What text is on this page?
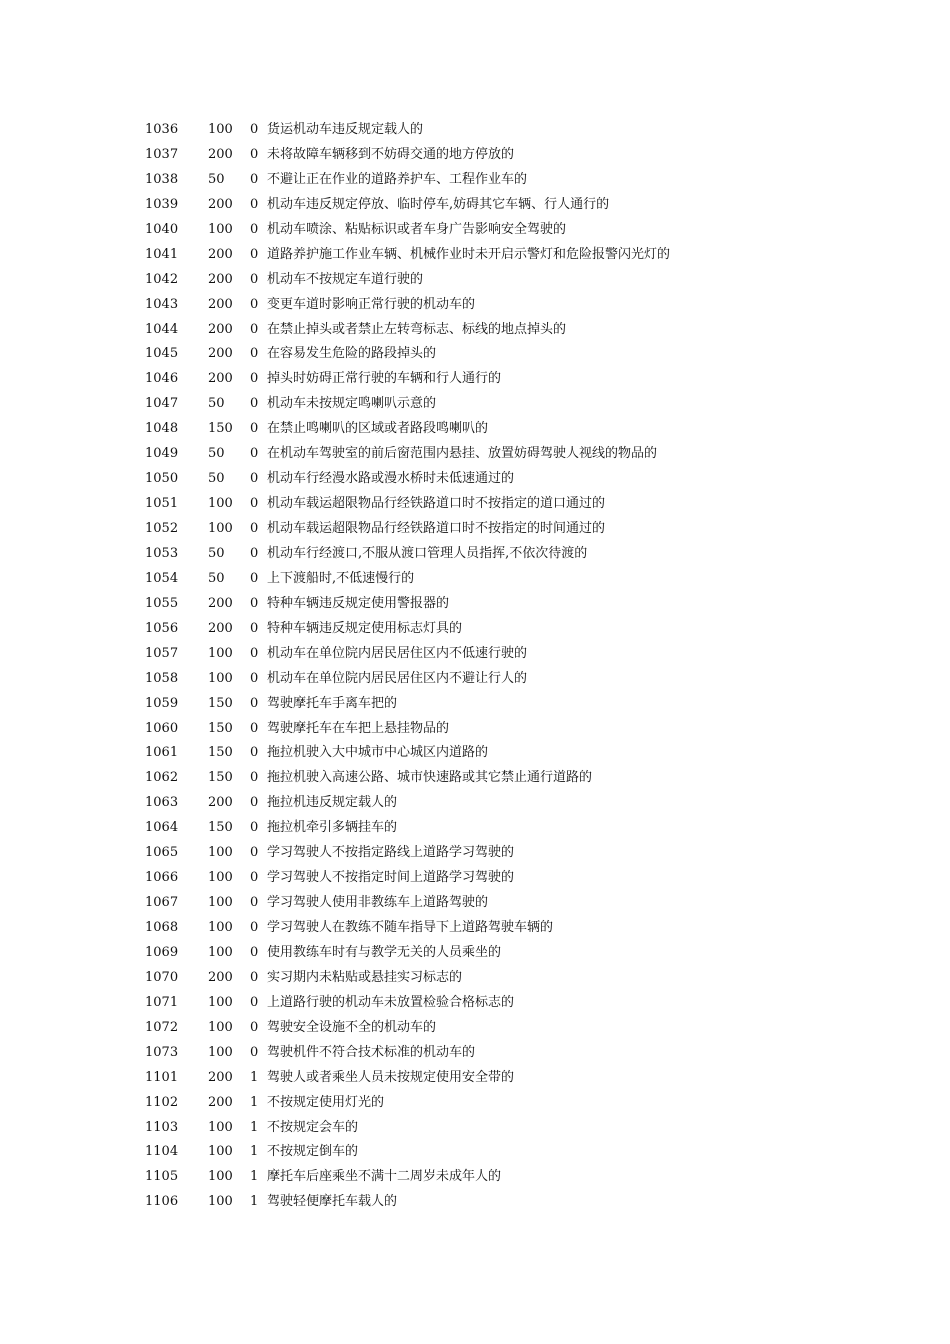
1036	100	0 货运机动车违反规定载人的
1037	200	0 未将故障车辆移到不妨碍交通的地方停放的
1038	50	0 不避让正在作业的道路养护车、工程作业车的
1039	200	0 机动车违反规定停放、临时停车,妨碍其它车辆、行人通行的
1040	100	0 机动车喷涂、粘贴标识或者车身广告影响安全驾驶的
1041	200	0 道路养护施工作业车辆、机械作业时未开启示警灯和危险报警闪光灯的
1042	200	0 机动车不按规定车道行驶的
1043	200	0 变更车道时影响正常行驶的机动车的
1044	200	0 在禁止掉头或者禁止左转弯标志、标线的地点掉头的
1045	200	0 在容易发生危险的路段掉头的
1046	200	0 掉头时妨碍正常行驶的车辆和行人通行的
1047	50	0 机动车未按规定鸣喇叭示意的
1048	150	0 在禁止鸣喇叭的区域或者路段鸣喇叭的
1049	50	0 在机动车驾驶室的前后窗范围内悬挂、放置妨碍驾驶人视线的物品的
1050	50	0 机动车行经漫水路或漫水桥时未低速通过的
1051	100	0 机动车载运超限物品行经铁路道口时不按指定的道口通过的
1052	100	0 机动车载运超限物品行经铁路道口时不按指定的时间通过的
1053	50	0 机动车行经渡口,不服从渡口管理人员指挥,不依次待渡的
1054	50	0 上下渡船时,不低速慢行的
1055	200	0 特种车辆违反规定使用警报器的
1056	200	0 特种车辆违反规定使用标志灯具的
1057	100	0 机动车在单位院内居民居住区内不低速行驶的
1058	100	0 机动车在单位院内居民居住区内不避让行人的
1059	150	0 驾驶摩托车手离车把的
1060	150	0 驾驶摩托车在车把上悬挂物品的
1061	150	0 拖拉机驶入大中城市中心城区内道路的
1062	150	0 拖拉机驶入高速公路、城市快速路或其它禁止通行道路的
1063	200	0 拖拉机违反规定载人的
1064	150	0 拖拉机牵引多辆挂车的
1065	100	0 学习驾驶人不按指定路线上道路学习驾驶的
1066	100	0 学习驾驶人不按指定时间上道路学习驾驶的
1067	100	0 学习驾驶人使用非教练车上道路驾驶的
1068	100	0 学习驾驶人在教练不随车指导下上道路驾驶车辆的
1069	100	0 使用教练车时有与教学无关的人员乘坐的
1070	200	0 实习期内未粘贴或悬挂实习标志的
1071	100	0 上道路行驶的机动车未放置检验合格标志的
1072	100	0 驾驶安全设施不全的机动车的
1073	100	0 驾驶机件不符合技术标准的机动车的
1101	200	1 驾驶人或者乘坐人员未按规定使用安全带的
1102	200	1 不按规定使用灯光的
1103	100	1 不按规定会车的
1104	100	1 不按规定倒车的
1105	100	1 摩托车后座乘坐不满十二周岁未成年人的
1106	100	1 驾驶轻便摩托车载人的
